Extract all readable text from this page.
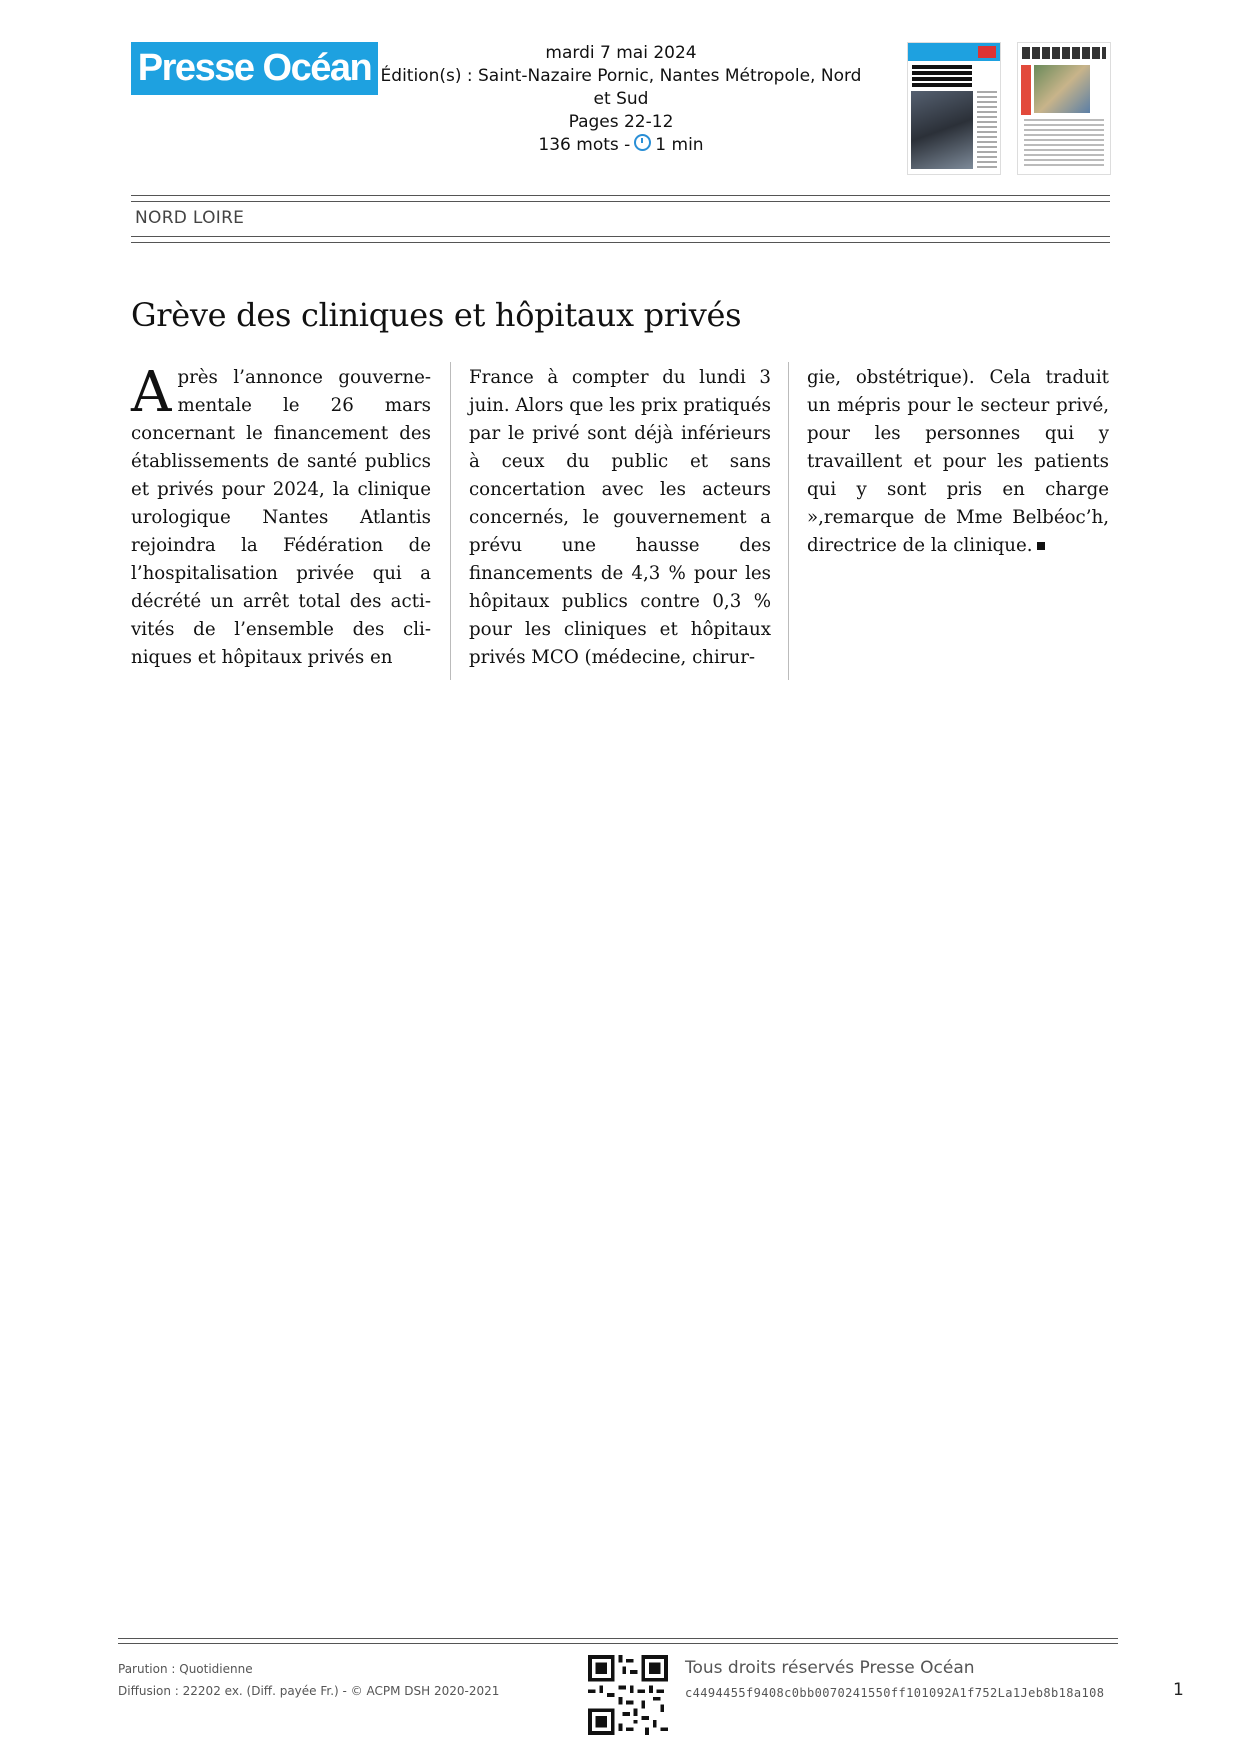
Presse Océan	mardi 7 mai 2024
Édition(s) : Saint-Nazaire Pornic, Nantes Métropole, Nord et Sud
Pages 22-12
136 mots - 1 min
NORD LOIRE
Grève des cliniques et hôpitaux privés

Après l’annonce gouvernementale le 26 mars concernant le financement des établissements de santé publics et privés pour 2024, la clinique urologique Nantes Atlantis rejoindra la Fédération de l’hospitalisation privée qui a décrété un arrêt total des activités de l’ensemble des cliniques et hôpitaux privés en

France à compter du lundi 3 juin. Alors que les prix pratiqués par le privé sont déjà inférieurs à ceux du public et sans concertation avec les acteurs concernés, le gouvernement a prévu une hausse des financements de 4,3 % pour les hôpitaux publics contre 0,3 % pour les cliniques et hôpitaux privés MCO (médecine, chirur-

gie, obstétrique). Cela traduit un mépris pour le secteur privé, pour les personnes qui y travaillent et pour les patients qui y sont pris en charge »,remarque de Mme Belbéoc’h, directrice de la clinique.

Parution : Quotidienne
Diffusion : 22202 ex. (Diff. payée Fr.) - © ACPM DSH 2020-2021
Tous droits réservés Presse Océan
c4494455f9408c0bb0070241550ff101092A1f752La1Jeb8b18a108	1
